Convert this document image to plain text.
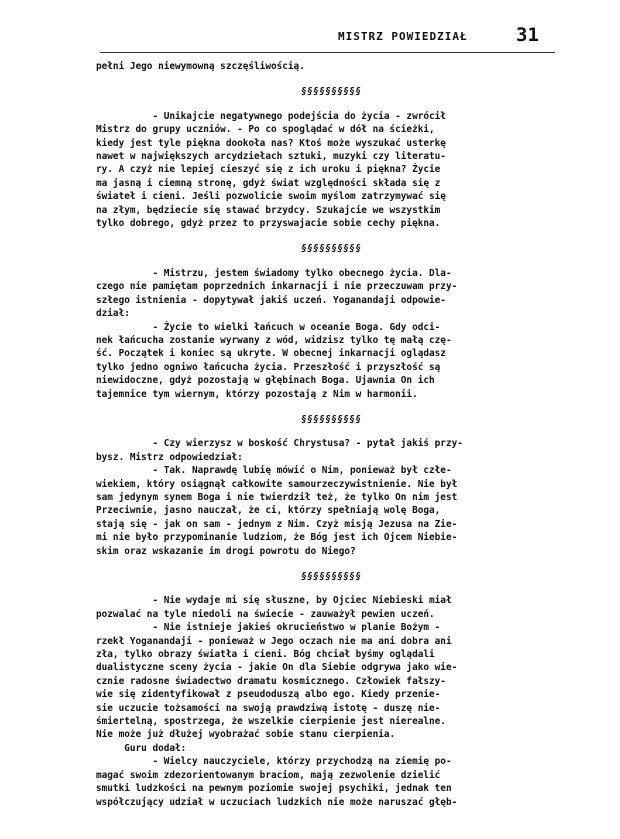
MISTRZ POWIEDZIAŁ	31

pełni Jego niewymowną szczęśliwością.

§§§§§§§§§§

- Unikajcie negatywnego podejścia do życia - zwrócił

Mistrz do grupy uczniów. - Po co spoglądać w dół na ścieżki,

kiedy jest tyle piękna dookoła nas? Ktoś może wyszukać usterkę

nawet w największych arcydziełach sztuki, muzyki czy literatu-

ry. A czyż nie lepiej cieszyć się z ich uroku i piękna? Życie

ma jasną i ciemną stronę, gdyż świat względności składa się z

świateł i cieni. Jeśli pozwolicie swoim myślom zatrzymywać się

na złym, będziecie się stawać brzydcy. Szukajcie we wszystkim

tylko dobrego, gdyż przez to przyswajacie sobie cechy piękna.

§§§§§§§§§§

- Mistrzu, jestem świadomy tylko obecnego życia. Dla-

czego nie pamiętam poprzednich inkarnacji i nie przeczuwam przy-

szłego istnienia - dopytywał jakiś uczeń. Yoganandaji odpowie-

dział:

- Życie to wielki łańcuch w oceanie Boga. Gdy odci-

nek łańcucha zostanie wyrwany z wód, widzisz tylko tę małą czę-

ść. Początek i koniec są ukryte. W obecnej inkarnacji oglądasz

tylko jedno ogniwo łańcucha życia. Przeszłość i przyszłość są

niewidoczne, gdyż pozostają w głębinach Boga. Ujawnia On ich

tajemnice tym wiernym, którzy pozostają z Nim w harmonii.

§§§§§§§§§§

- Czy wierzysz w boskość Chrystusa? - pytał jakiś przy-

bysz. Mistrz odpowiedział:

- Tak. Naprawdę lubię mówić o Nim, ponieważ był człe-

wiekiem, który osiągnął całkowite samourzeczywistnienie. Nie był

sam jedynym synem Boga i nie twierdził też, że tylko On nim jest

Przeciwnie, jasno nauczał, że ci, którzy spełniają wolę Boga,

stają się - jak on sam - jednym z Nim. Czyż misją Jezusa na Zie-

mi nie było przypominanie ludziom, że Bóg jest ich Ojcem Niebie-

skim oraz wskazanie im drogi powrotu do Niego?

§§§§§§§§§§

- Nie wydaje mi się słuszne, by Ojciec Niebieski miał

pozwalać na tyle niedoli na świecie - zauważył pewien uczeń.

- Nie istnieje jakieś okrucieństwo w planie Bożym -

rzekł Yoganandaji - ponieważ w Jego oczach nie ma ani dobra ani

zła, tylko obrazy światła i cieni. Bóg chciał byśmy oglądali

dualistyczne sceny życia - jakie On dla Siebie odgrywa jako wie-

cznie radosne świadectwo dramatu kosmicznego. Człowiek fałszy-

wie się zidentyfikował z pseudoduszą albo ego. Kiedy przenie-

sie uczucie tożsamości na swoją prawdziwą istotę - duszę nie-

śmiertelną, spostrzega, że wszelkie cierpienie jest nierealne.

Nie może już dłużej wyobrażać sobie stanu cierpienia.

Guru dodał:

- Wielcy nauczyciele, którzy przychodzą na ziemię po-

magać swoim zdezorientowanym braciom, mają zezwolenie dzielić

smutki ludzkości na pewnym poziomie swojej psychiki, jednak ten

współczujący udział w uczuciach ludzkich nie może naruszać głęb-
